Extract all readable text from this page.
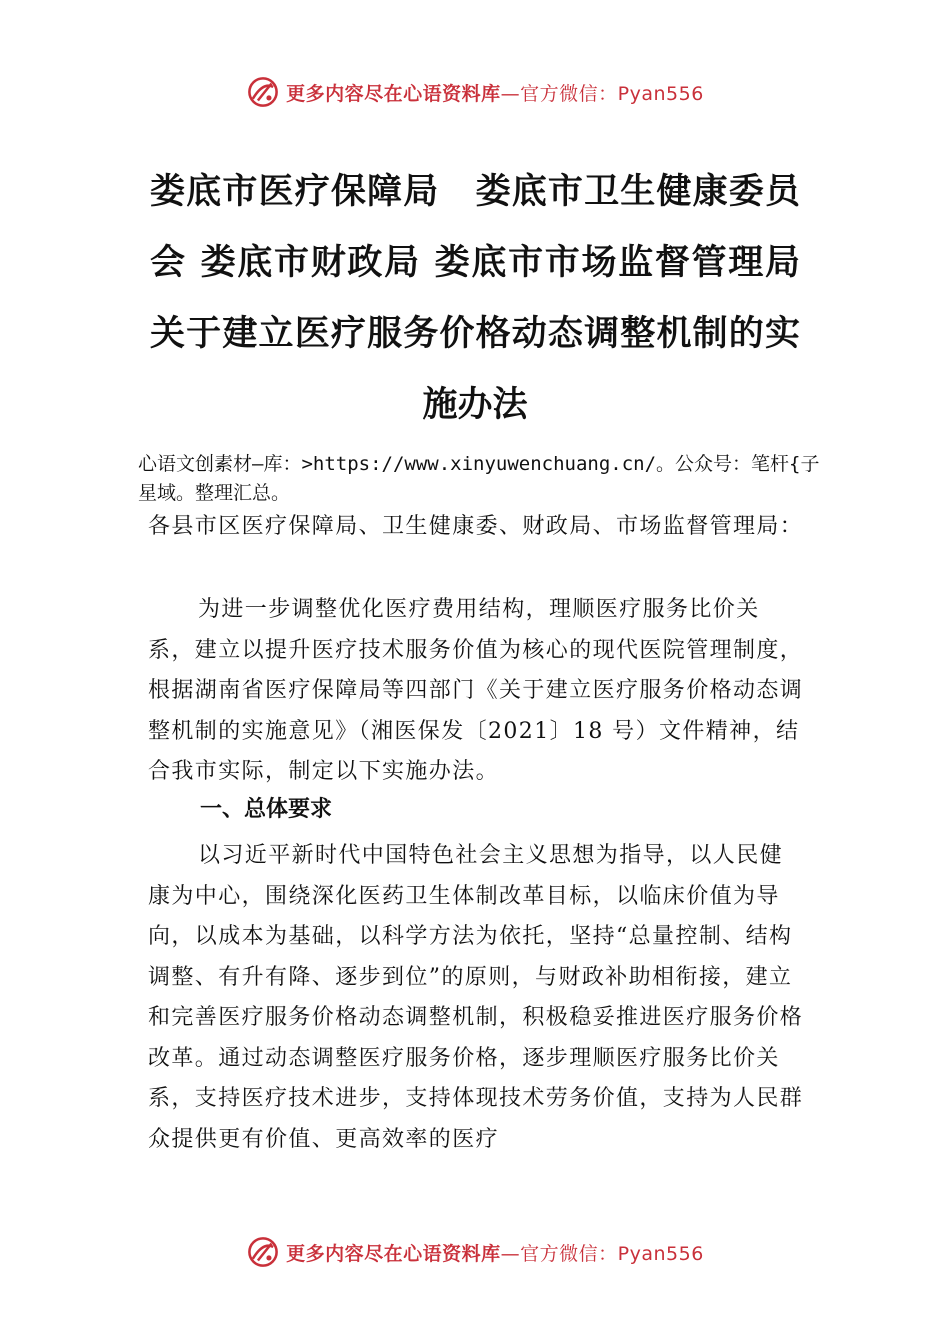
更多内容尽在心语资料库—官方微信：Pyan556
娄底市医疗保障局　娄底市卫生健康委员
会 娄底市财政局 娄底市市场监督管理局
关于建立医疗服务价格动态调整机制的实
施办法

心语文创素材—库：>https://www.xinyuwenchuang.cn/。公众号：笔杆{子星域。整理汇总。

各县市区医疗保障局、卫生健康委、财政局、市场监督管理局：

为进一步调整优化医疗费用结构，理顺医疗服务比价关系，建立以提升医疗技术服务价值为核心的现代医院管理制度，根据湖南省医疗保障局等四部门《关于建立医疗服务价格动态调整机制的实施意见》（湘医保发〔2021〕18 号）文件精神，结合我市实际，制定以下实施办法。

一、总体要求

以习近平新时代中国特色社会主义思想为指导，以人民健康为中心，围绕深化医药卫生体制改革目标，以临床价值为导向，以成本为基础，以科学方法为依托，坚持“总量控制、结构调整、有升有降、逐步到位”的原则，与财政补助相衔接，建立和完善医疗服务价格动态调整机制，积极稳妥推进医疗服务价格改革。通过动态调整医疗服务价格，逐步理顺医疗服务比价关系，支持医疗技术进步，支持体现技术劳务价值，支持为人民群众提供更有价值、更高效率的医疗

更多内容尽在心语资料库—官方微信：Pyan556
